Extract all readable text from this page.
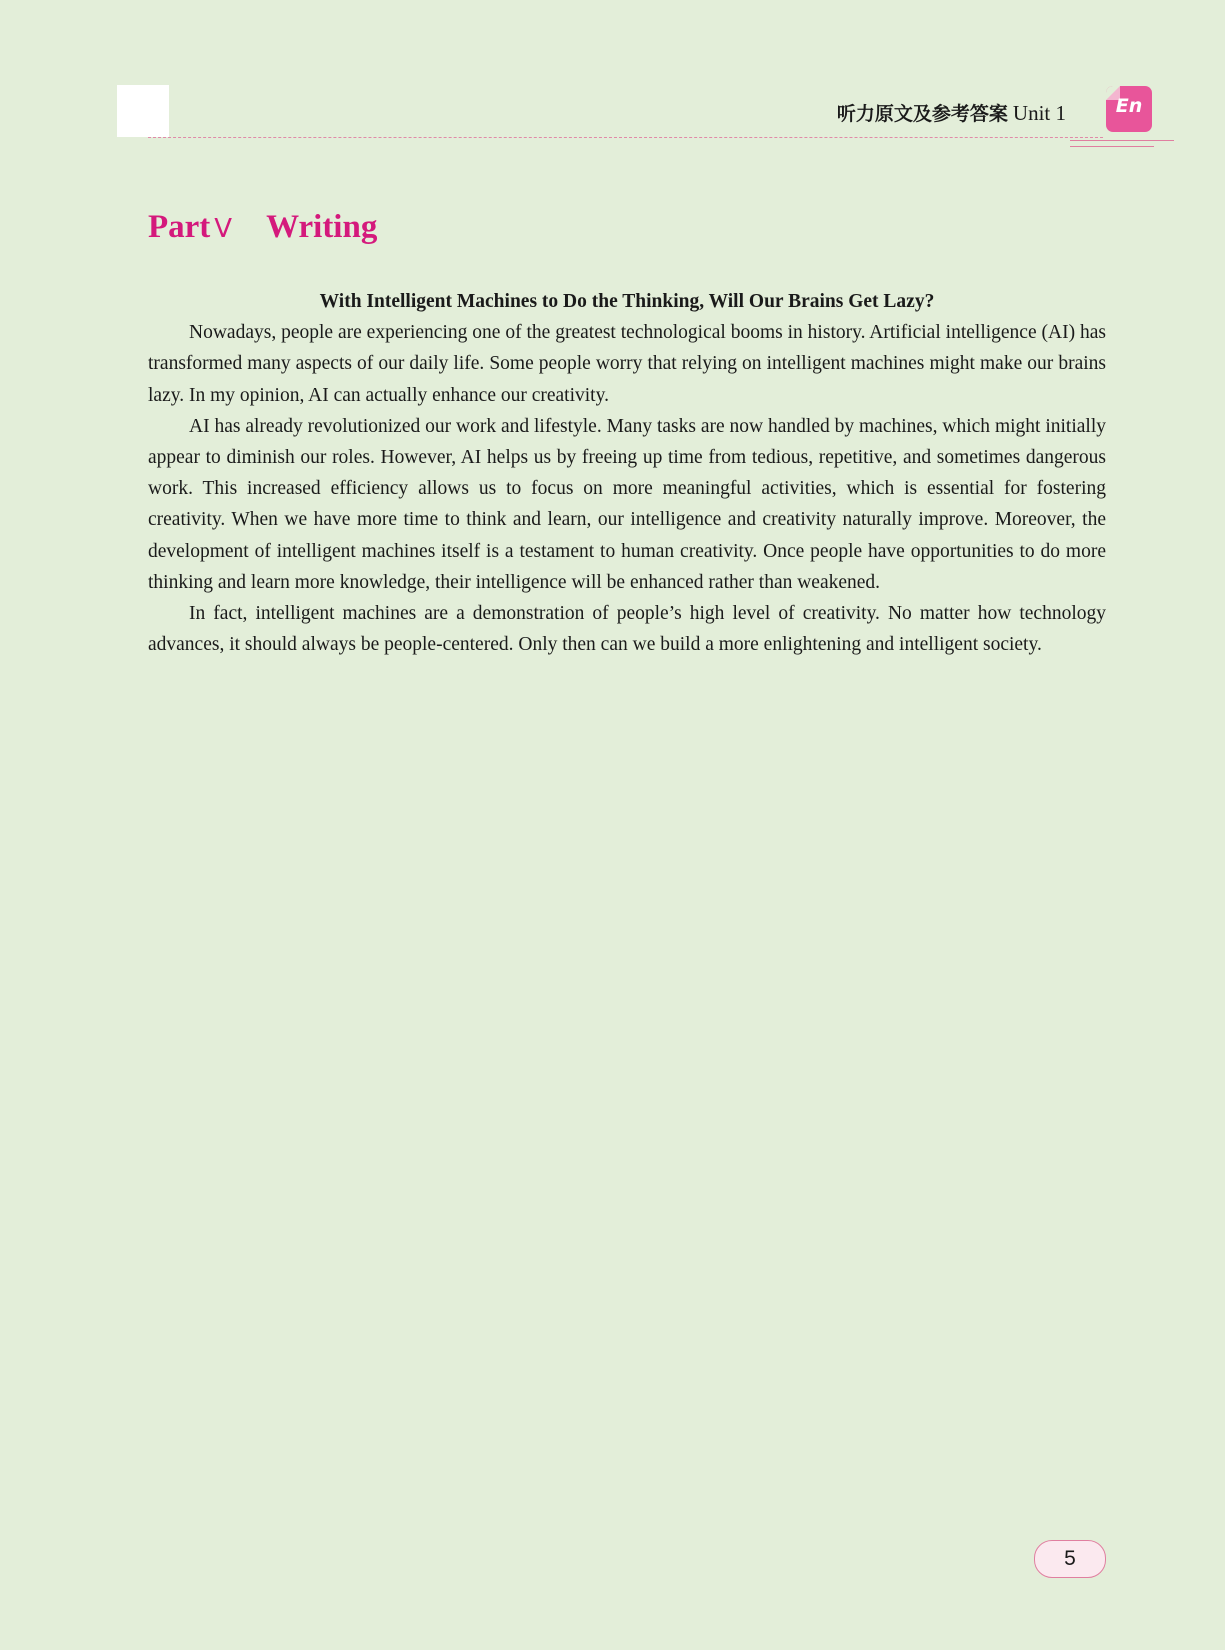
听力原文及参考答案 Unit 1	En
Part Ⅴ Writing

With Intelligent Machines to Do the Thinking, Will Our Brains Get Lazy?

Nowadays, people are experiencing one of the greatest technological booms in history. Artificial intelligence (AI) has transformed many aspects of our daily life. Some people worry that relying on intelligent machines might make our brains lazy. In my opinion, AI can actually enhance our creativity.

AI has already revolutionized our work and lifestyle. Many tasks are now handled by machines, which might initially appear to diminish our roles. However, AI helps us by freeing up time from tedious, repetitive, and sometimes dangerous work. This increased efficiency allows us to focus on more meaningful activities, which is essential for fostering creativity. When we have more time to think and learn, our intelligence and creativity naturally improve. Moreover, the development of intelligent machines itself is a testament to human creativity. Once people have opportunities to do more thinking and learn more knowledge, their intelligence will be enhanced rather than weakened.

In fact, intelligent machines are a demonstration of people’s high level of creativity. No matter how technology advances, it should always be people-centered. Only then can we build a more enlightening and intelligent society.

5
